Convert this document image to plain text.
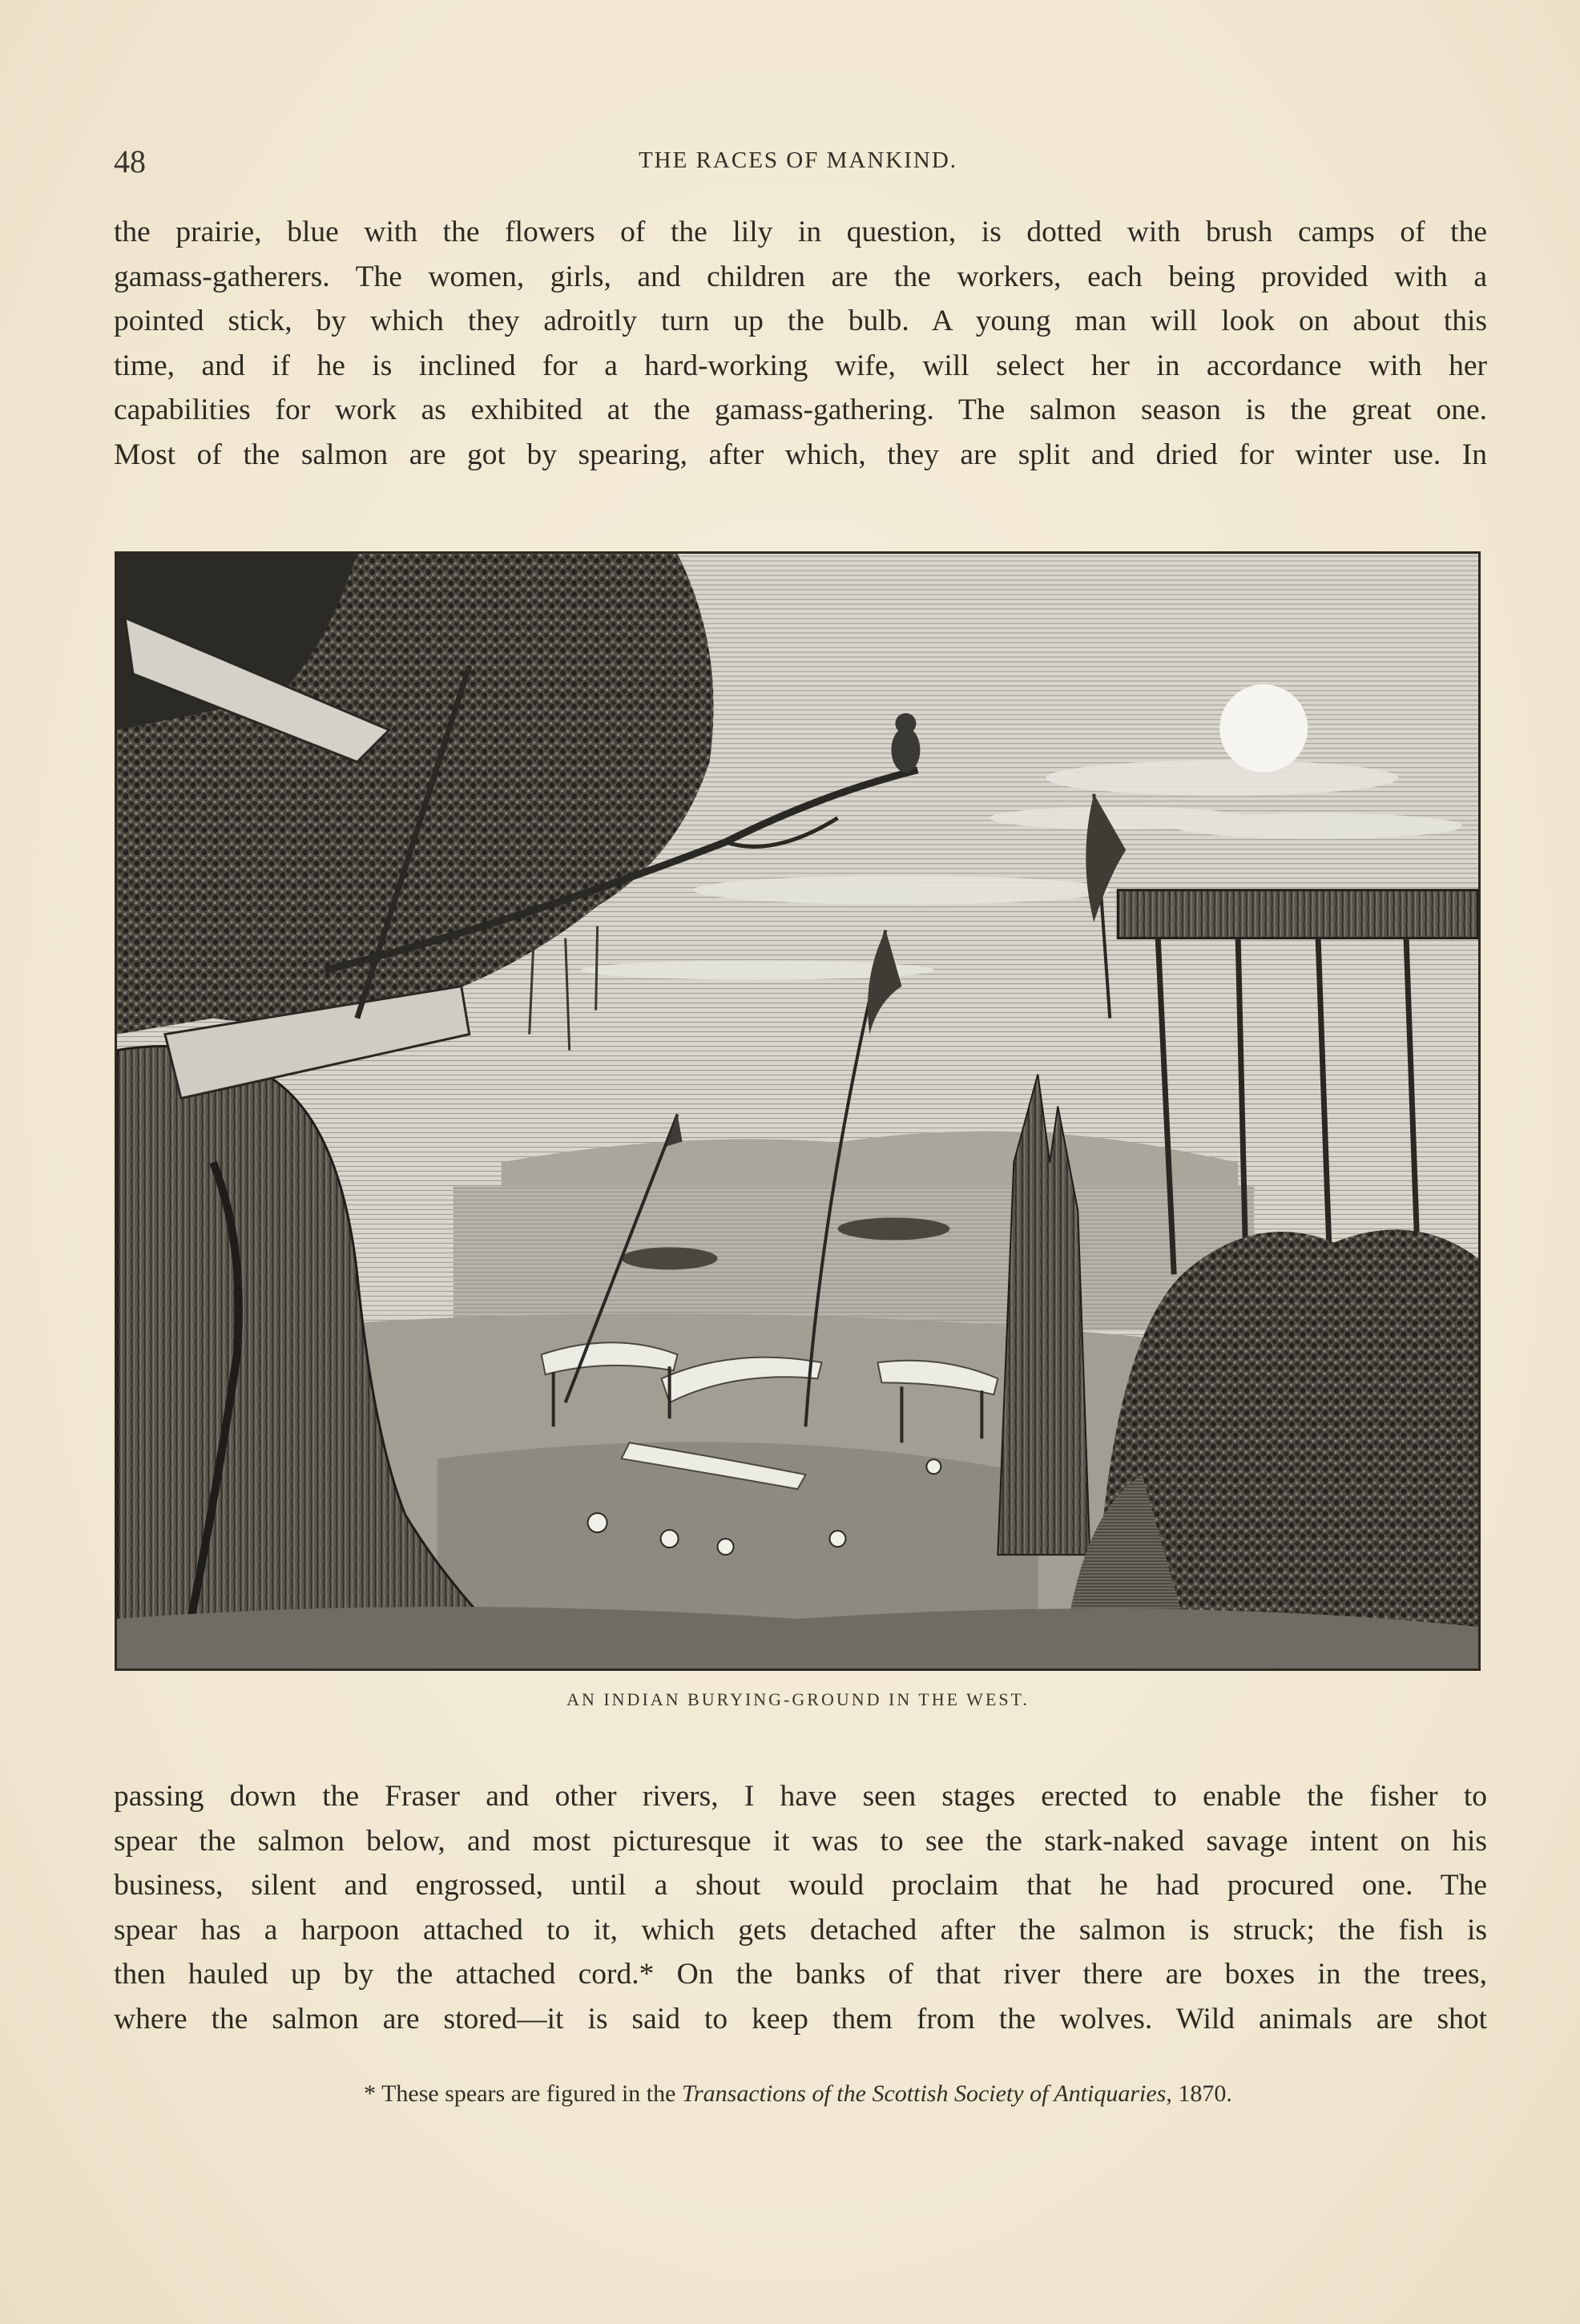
48	THE RACES OF MANKIND.
the prairie, blue with the flowers of the lily in question, is dotted with brush camps of the
gamass-gatherers. The women, girls, and children are the workers, each being provided with a
pointed stick, by which they adroitly turn up the bulb. A young man will look on about this
time, and if he is inclined for a hard-working wife, will select her in accordance with her
capabilities for work as exhibited at the gamass-gathering. The salmon season is the great one.
Most of the salmon are got by spearing, after which, they are split and dried for winter use. In
AN INDIAN BURYING-GROUND IN THE WEST.
passing down the Fraser and other rivers, I have seen stages erected to enable the fisher to
spear the salmon below, and most picturesque it was to see the stark-naked savage intent on his
business, silent and engrossed, until a shout would proclaim that he had procured one. The
spear has a harpoon attached to it, which gets detached after the salmon is struck; the fish is
then hauled up by the attached cord.* On the banks of that river there are boxes in the trees,
where the salmon are stored—it is said to keep them from the wolves. Wild animals are shot
* These spears are figured in the Transactions of the Scottish Society of Antiquaries, 1870.
